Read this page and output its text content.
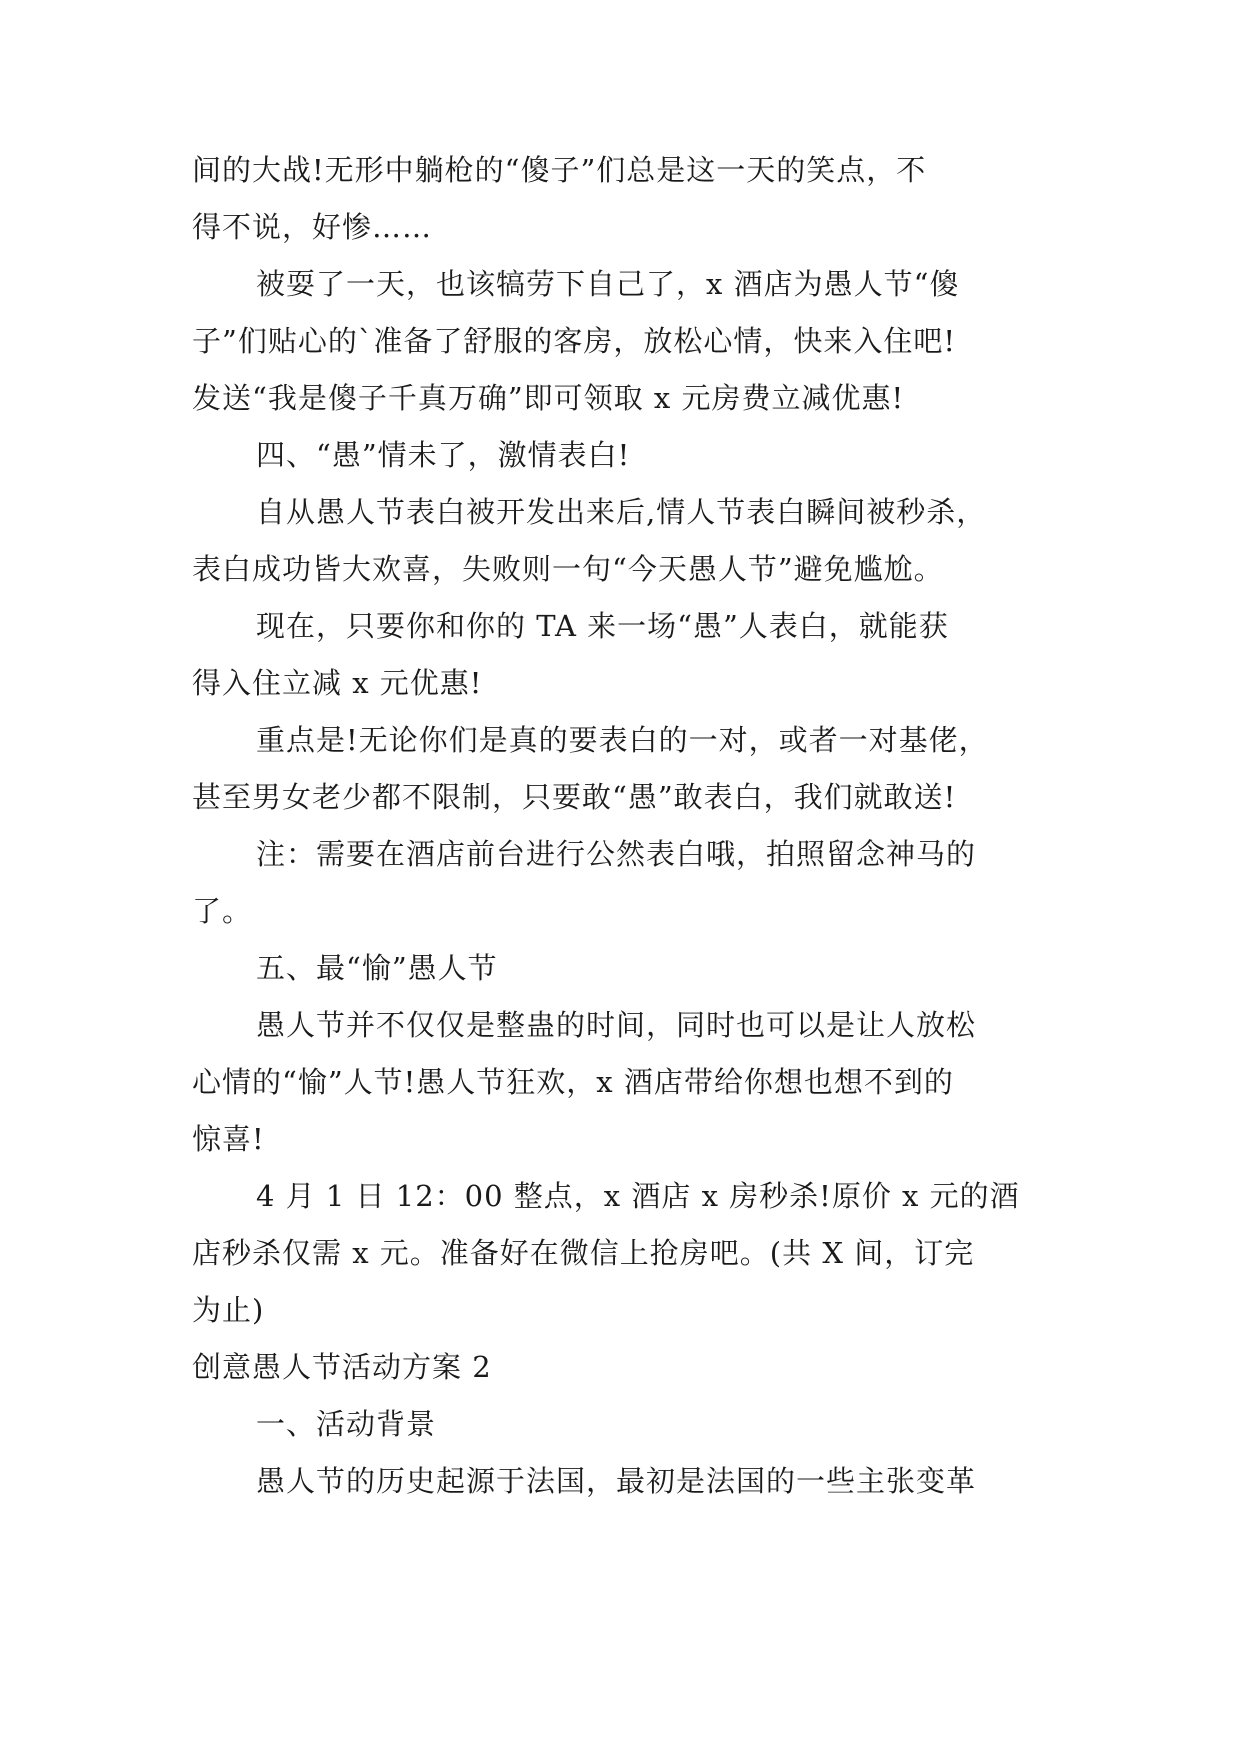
间的大战!无形中躺枪的“傻子”们总是这一天的笑点，不
得不说，好惨……
被耍了一天，也该犒劳下自己了，x 酒店为愚人节“傻
子”们贴心的`准备了舒服的客房，放松心情，快来入住吧!
发送“我是傻子千真万确”即可领取 x 元房费立减优惠!
四、“愚”情未了，激情表白!
自从愚人节表白被开发出来后,情人节表白瞬间被秒杀，
表白成功皆大欢喜，失败则一句“今天愚人节”避免尴尬。
现在，只要你和你的 TA 来一场“愚”人表白，就能获
得入住立减 x 元优惠!
重点是!无论你们是真的要表白的一对，或者一对基佬，
甚至男女老少都不限制，只要敢“愚”敢表白，我们就敢送!
注：需要在酒店前台进行公然表白哦，拍照留念神马的
了。
五、最“愉”愚人节
愚人节并不仅仅是整蛊的时间，同时也可以是让人放松
心情的“愉”人节!愚人节狂欢，x 酒店带给你想也想不到的
惊喜!
4 月 1 日 12：00 整点，x 酒店 x 房秒杀!原价 x 元的酒
店秒杀仅需 x 元。准备好在微信上抢房吧。(共 X 间，订完
为止)
创意愚人节活动方案 2
一、活动背景
愚人节的历史起源于法国，最初是法国的一些主张变革
